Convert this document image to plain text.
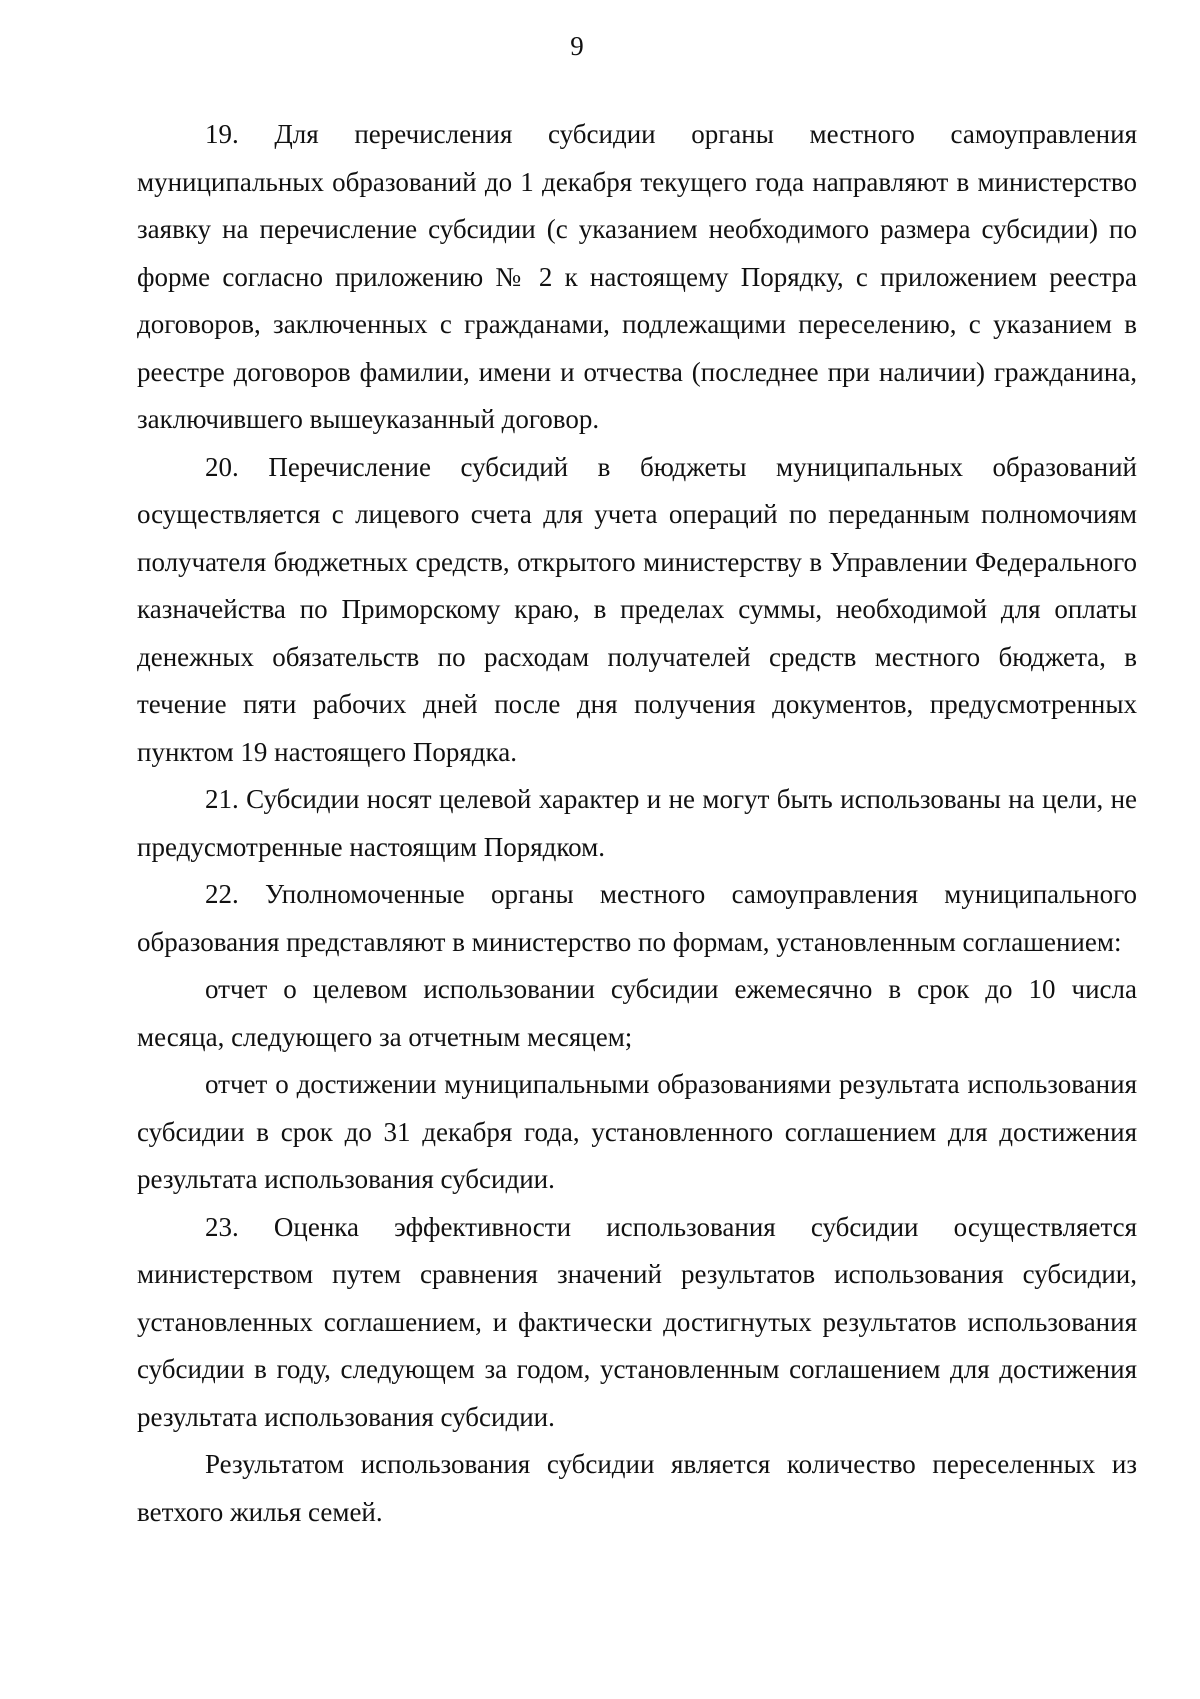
9

19. Для перечисления субсидии органы местного самоуправления муниципальных образований до 1 декабря текущего года направляют в министерство заявку на перечисление субсидии (с указанием необходимого размера субсидии) по форме согласно приложению № 2 к настоящему Порядку, с приложением реестра договоров, заключенных с гражданами, подлежащими переселению, с указанием в реестре договоров фамилии, имени и отчества (последнее при наличии) гражданина, заключившего вышеуказанный договор.

20. Перечисление субсидий в бюджеты муниципальных образований осуществляется с лицевого счета для учета операций по переданным полномочиям получателя бюджетных средств, открытого министерству в Управлении Федерального казначейства по Приморскому краю, в пределах суммы, необходимой для оплаты денежных обязательств по расходам получателей средств местного бюджета, в течение пяти рабочих дней после дня получения документов, предусмотренных пунктом 19 настоящего Порядка.

21. Субсидии носят целевой характер и не могут быть использованы на цели, не предусмотренные настоящим Порядком.

22. Уполномоченные органы местного самоуправления муниципального образования представляют в министерство по формам, установленным соглашением:

отчет о целевом использовании субсидии ежемесячно в срок до 10 числа месяца, следующего за отчетным месяцем;

отчет о достижении муниципальными образованиями результата использования субсидии в срок до 31 декабря года, установленного соглашением для достижения результата использования субсидии.

23. Оценка эффективности использования субсидии осуществляется министерством путем сравнения значений результатов использования субсидии, установленных соглашением, и фактически достигнутых результатов использования субсидии в году, следующем за годом, установленным соглашением для достижения результата использования субсидии.

Результатом использования субсидии является количество переселенных из ветхого жилья семей.
